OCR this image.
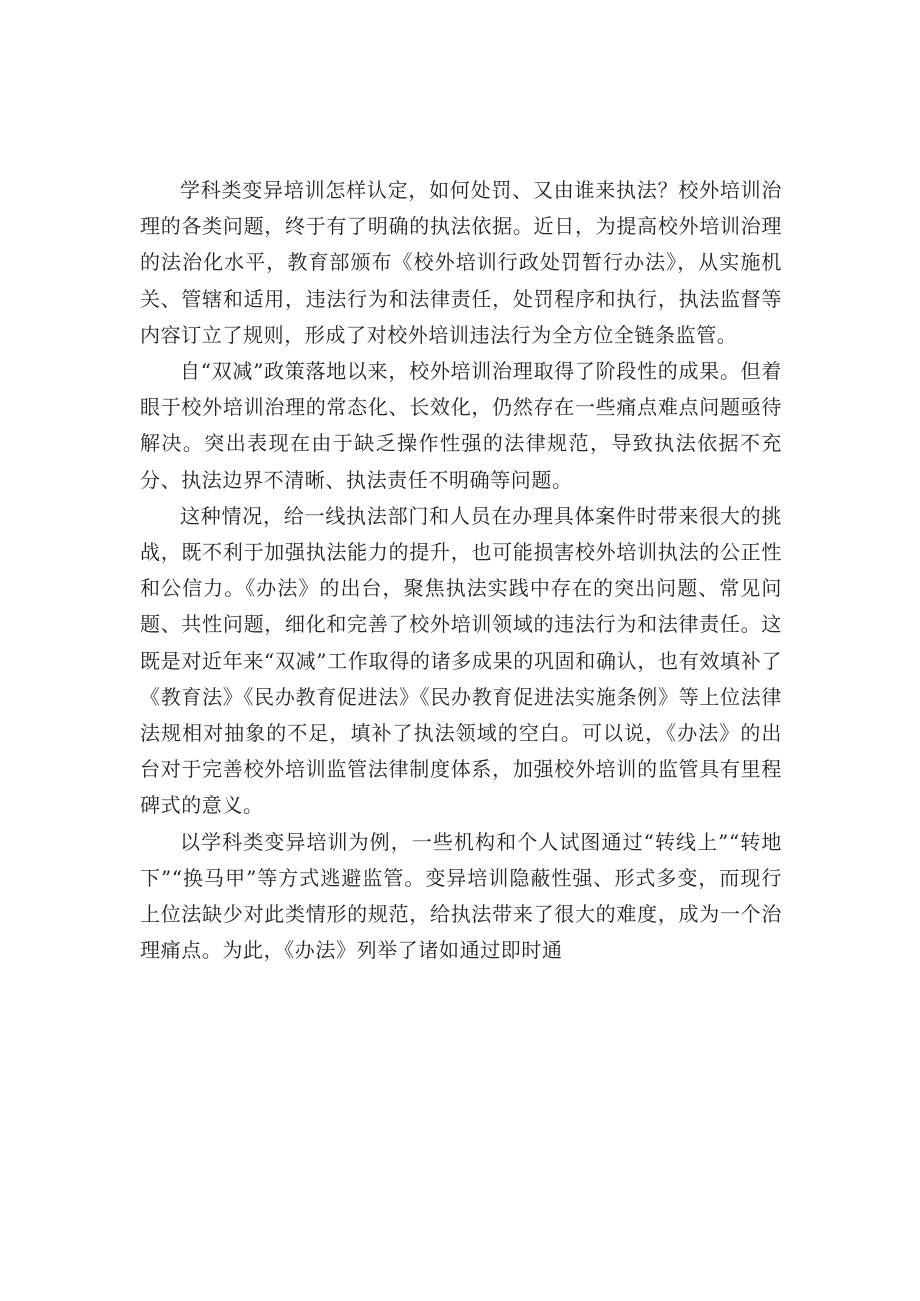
学科类变异培训怎样认定，如何处罚、又由谁来执法？校外培训治理的各类问题，终于有了明确的执法依据。近日，为提高校外培训治理的法治化水平，教育部颁布《校外培训行政处罚暂行办法》，从实施机关、管辖和适用，违法行为和法律责任，处罚程序和执行，执法监督等内容订立了规则，形成了对校外培训违法行为全方位全链条监管。

自“双减”政策落地以来，校外培训治理取得了阶段性的成果。但着眼于校外培训治理的常态化、长效化，仍然存在一些痛点难点问题亟待解决。突出表现在由于缺乏操作性强的法律规范，导致执法依据不充分、执法边界不清晰、执法责任不明确等问题。

这种情况，给一线执法部门和人员在办理具体案件时带来很大的挑战，既不利于加强执法能力的提升，也可能损害校外培训执法的公正性和公信力。《办法》的出台，聚焦执法实践中存在的突出问题、常见问题、共性问题，细化和完善了校外培训领域的违法行为和法律责任。这既是对近年来“双减”工作取得的诸多成果的巩固和确认，也有效填补了《教育法》《民办教育促进法》《民办教育促进法实施条例》等上位法律法规相对抽象的不足，填补了执法领域的空白。可以说，《办法》的出台对于完善校外培训监管法律制度体系，加强校外培训的监管具有里程碑式的意义。

以学科类变异培训为例，一些机构和个人试图通过“转线上”“转地下”“换马甲”等方式逃避监管。变异培训隐蔽性强、形式多变，而现行上位法缺少对此类情形的规范，给执法带来了很大的难度，成为一个治理痛点。为此，《办法》列举了诸如通过即时通
